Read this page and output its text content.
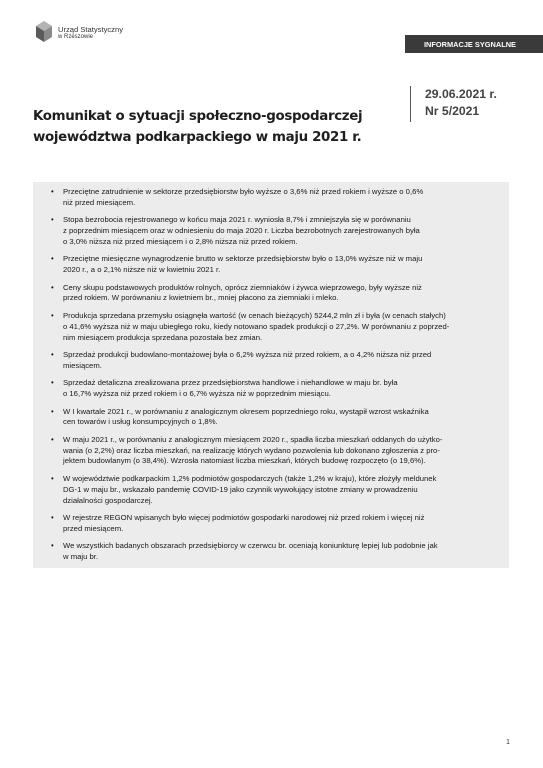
Urząd Statystyczny
w Rzeszowie
INFORMACJE SYGNALNE
29.06.2021 r.
Nr 5/2021
Komunikat o sytuacji społeczno-gospodarczej
województwa podkarpackiego w maju 2021 r.
•	Przeciętne zatrudnienie w sektorze przedsiębiorstw było wyższe o 3,6% niż przed rokiem i wyższe o 0,6%
niż przed miesiącem.
•	Stopa bezrobocia rejestrowanego w końcu maja 2021 r. wyniosła 8,7% i zmniejszyła się w porównaniu
z poprzednim miesiącem oraz w odniesieniu do maja 2020 r. Liczba bezrobotnych zarejestrowanych była
o 3,0% niższa niż przed miesiącem i o 2,8% niższa niż przed rokiem.
•	Przeciętne miesięczne wynagrodzenie brutto w sektorze przedsiębiorstw było o 13,0% wyższe niż w maju
2020 r., a o 2,1% niższe niż w kwietniu 2021 r.
•	Ceny skupu podstawowych produktów rolnych, oprócz ziemniaków i żywca wieprzowego, były wyższe niż
przed rokiem. W porównaniu z kwietniem br., mniej płacono za ziemniaki i mleko.
•	Produkcja sprzedana przemysłu osiągnęła wartość (w cenach bieżących) 5244,2 mln zł i była (w cenach stałych)
o 41,6% wyższa niż w maju ubiegłego roku, kiedy notowano spadek produkcji o 27,2%. W porównaniu z poprzed-
nim miesiącem produkcja sprzedana pozostała bez zmian.
•	Sprzedaż produkcji budowlano-montażowej była o 6,2% wyższa niż przed rokiem, a o 4,2% niższa niż przed
miesiącem.
•	Sprzedaż detaliczna zrealizowana przez przedsiębiorstwa handlowe i niehandlowe w maju br. była
o 16,7% wyższa niż przed rokiem i o 6,7% wyższa niż w poprzednim miesiącu.
•	W I kwartale 2021 r., w porównaniu z analogicznym okresem poprzedniego roku, wystąpił wzrost wskaźnika
cen towarów i usług konsumpcyjnych o 1,8%.
•	W maju 2021 r., w porównaniu z analogicznym miesiącem 2020 r., spadła liczba mieszkań oddanych do użytko-
wania (o 2,2%) oraz liczba mieszkań, na realizację których wydano pozwolenia lub dokonano zgłoszenia z pro-
jektem budowlanym (o 38,4%). Wzrosła natomiast liczba mieszkań, których budowę rozpoczęto (o 19,6%).
•	W województwie podkarpackim 1,2% podmiotów gospodarczych (także 1,2% w kraju), które złożyły meldunek
DG-1 w maju br., wskazało pandemię COVID-19 jako czynnik wywołujący istotne zmiany w prowadzeniu
działalności gospodarczej.
•	W rejestrze REGON wpisanych było więcej podmiotów gospodarki narodowej niż przed rokiem i więcej niż
przed miesiącem.
•	We wszystkich badanych obszarach przedsiębiorcy w czerwcu br. oceniają koniunkturę lepiej lub podobnie jak
w maju br.
1
